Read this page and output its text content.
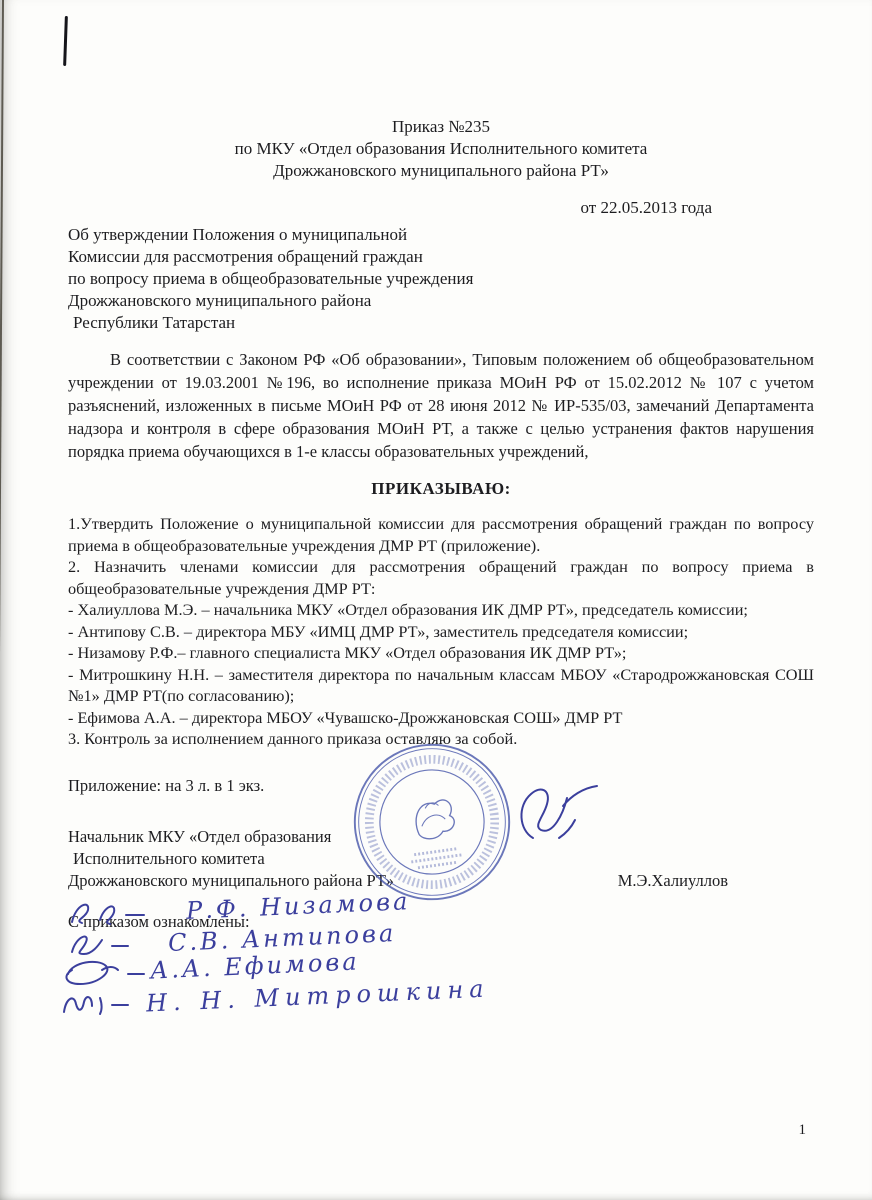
Приказ №235
по МКУ «Отдел образования Исполнительного комитета
Дрожжановского муниципального района РТ»
от 22.05.2013 года
Об утверждении Положения о муниципальной
Комиссии для рассмотрения обращений граждан
по вопросу приема в общеобразовательные учреждения
Дрожжановского муниципального района
Республики Татарстан

В соответствии с Законом РФ «Об образовании», Типовым положением об общеобразовательном учреждении от 19.03.2001 №196, во исполнение приказа МОиН РФ от 15.02.2012 № 107 с учетом разъяснений, изложенных в письме МОиН РФ от 28 июня 2012 № ИР-535/03, замечаний Департамента надзора и контроля в сфере образования МОиН РТ, а также с целью устранения фактов нарушения порядка приема обучающихся в 1-е классы образовательных учреждений,

ПРИКАЗЫВАЮ:

1.Утвердить Положение о муниципальной комиссии для рассмотрения обращений граждан по вопросу приема в общеобразовательные учреждения ДМР РТ (приложение).

2. Назначить членами комиссии для рассмотрения обращений граждан по вопросу приема в общеобразовательные учреждения ДМР РТ:

- Халиуллова М.Э. – начальника МКУ «Отдел образования ИК ДМР РТ», председатель комиссии;

- Антипову С.В. – директора МБУ «ИМЦ ДМР РТ», заместитель председателя комиссии;

- Низамову Р.Ф.– главного специалиста МКУ «Отдел образования ИК ДМР РТ»;

- Митрошкину Н.Н. – заместителя директора по начальным классам МБОУ «Стародрожжановская СОШ №1» ДМР РТ(по согласованию);

- Ефимова А.А. – директора МБОУ «Чувашско-Дрожжановская СОШ» ДМР РТ

3. Контроль за исполнением данного приказа оставляю за собой.

Приложение: на 3 л. в 1 экз.

Начальник МКУ «Отдел образования
Исполнительного комитета
Дрожжановского муниципального района РТ»	М.Э.Халиуллов

С приказом ознакомлены:

Р.Ф. Низамова
С.В. Антипова
А.А. Ефимова
Н. Н. Митрошкина
1
